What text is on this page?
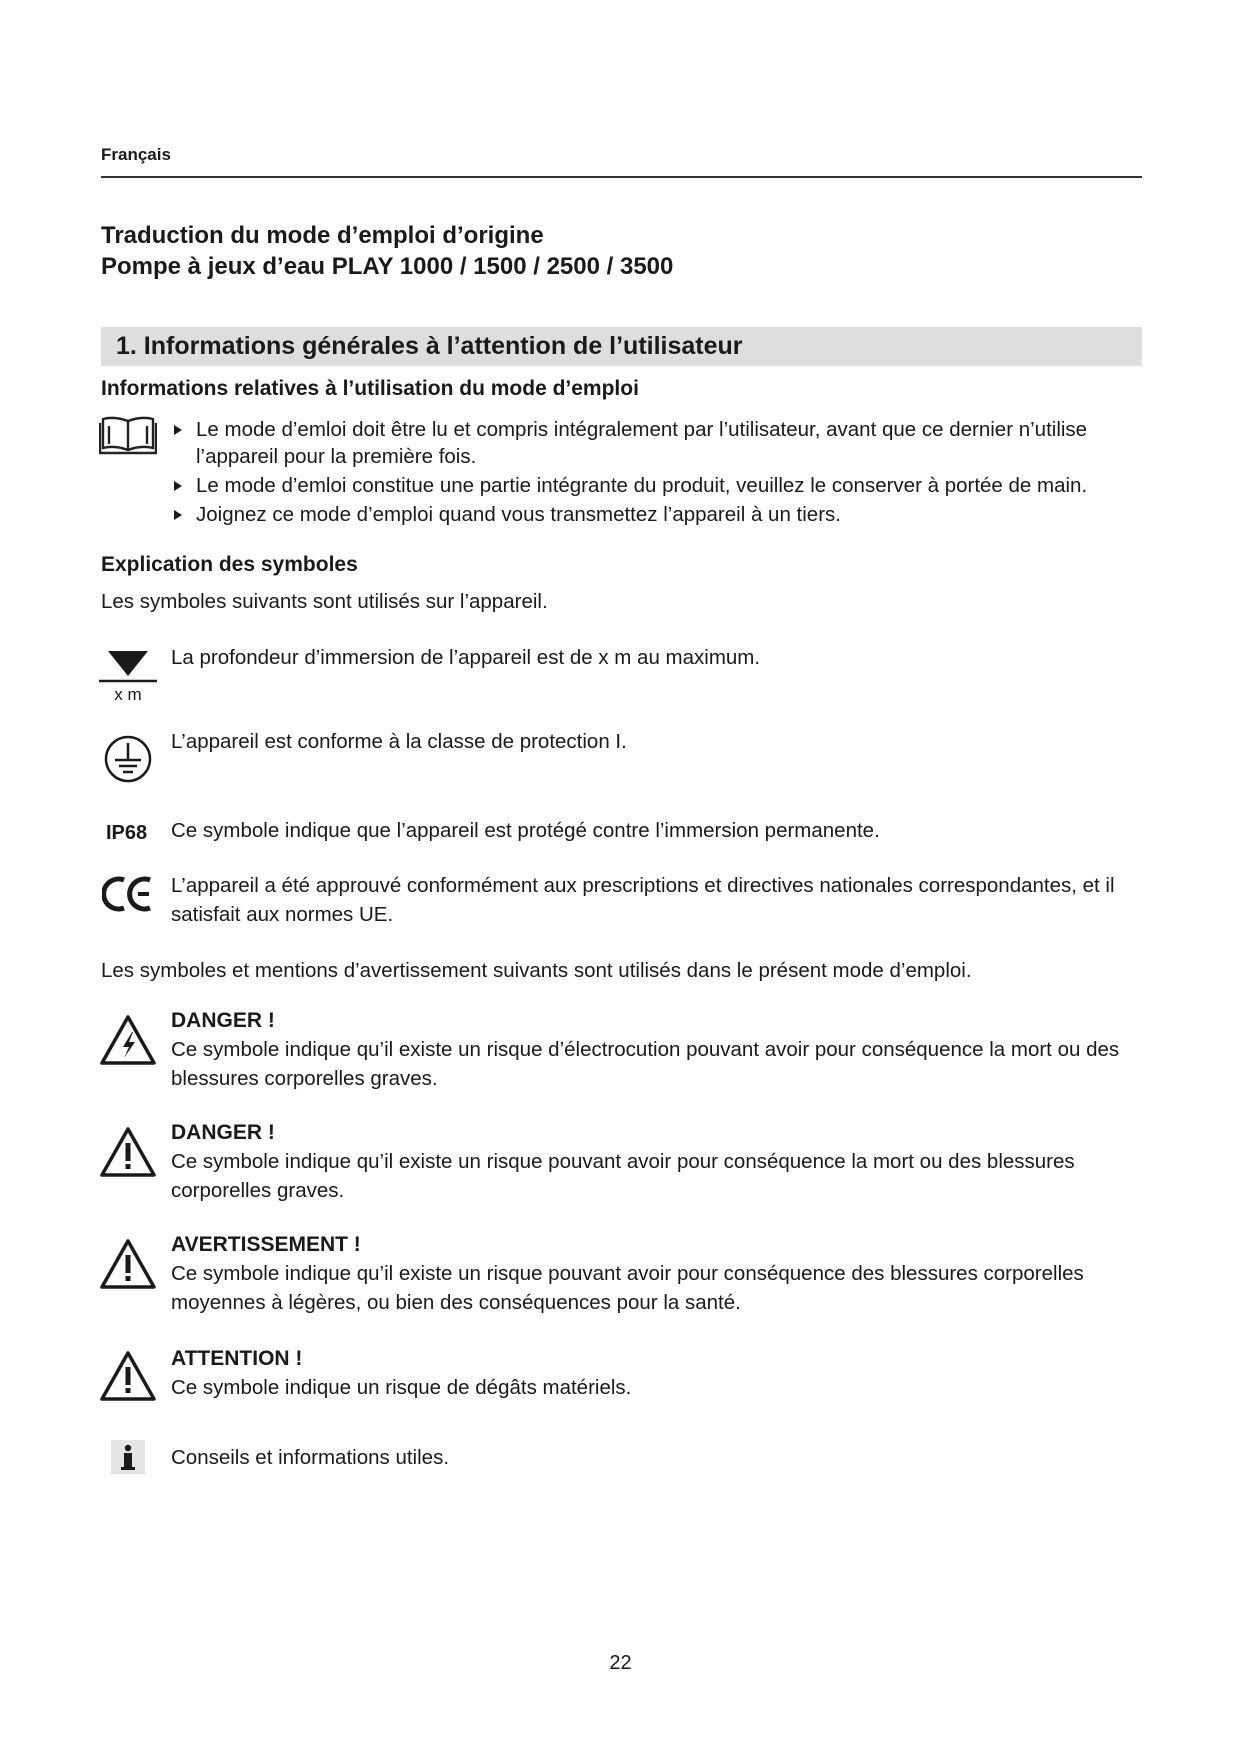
Français
Traduction du mode d’emploi d’origine
Pompe à jeux d’eau PLAY 1000 / 1500 / 2500 / 3500
1. Informations générales à l’attention de l’utilisateur
Informations relatives à l’utilisation du mode d’emploi
Le mode d’emloi doit être lu et compris intégralement par l’utilisateur, avant que ce dernier n’utilise l’appareil pour la première fois.
Le mode d’emloi constitue une partie intégrante du produit, veuillez le conserver à portée de main.
Joignez ce mode d’emploi quand vous transmettez l’appareil à un tiers.
Explication des symboles
Les symboles suivants sont utilisés sur l’appareil.
x m
La profondeur d’immersion de l’appareil est de x m au maximum.
L’appareil est conforme à la classe de protection I.
IP68 Ce symbole indique que l’appareil est protégé contre l’immersion permanente.
L’appareil a été approuvé conformément aux prescriptions et directives nationales correspondantes, et il satisfait aux normes UE.
Les symboles et mentions d’avertissement suivants sont utilisés dans le présent mode d’emploi.
DANGER !
Ce symbole indique qu’il existe un risque d’électrocution pouvant avoir pour conséquence la mort ou des blessures corporelles graves.
DANGER !
Ce symbole indique qu’il existe un risque pouvant avoir pour conséquence la mort ou des blessures corporelles graves.
AVERTISSEMENT !
Ce symbole indique qu’il existe un risque pouvant avoir pour conséquence des blessures corporelles moyennes à légères, ou bien des conséquences pour la santé.
ATTENTION !
Ce symbole indique un risque de dégâts matériels.
Conseils et informations utiles.
22
